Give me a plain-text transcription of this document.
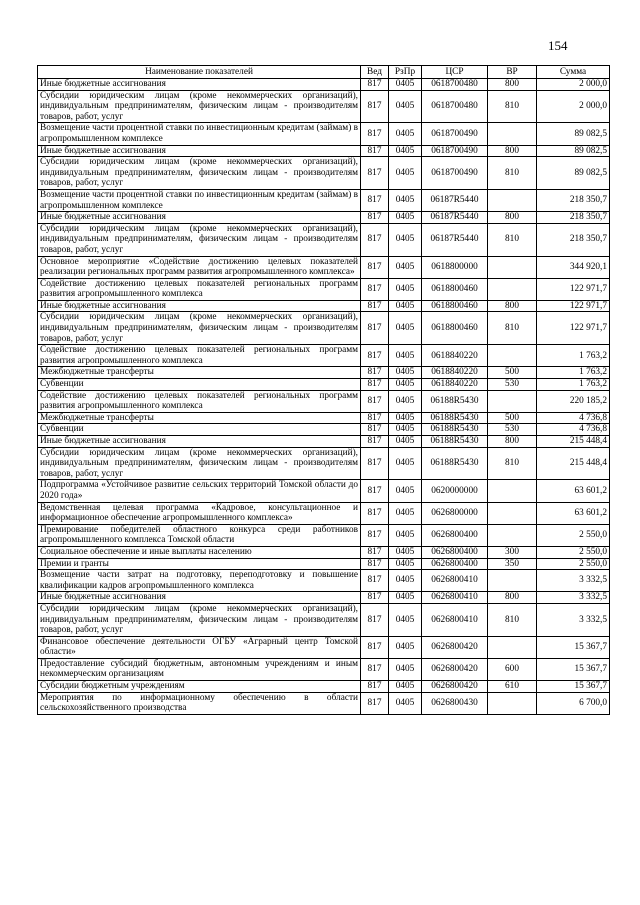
154
Наименование показателей	Вед	РзПр	ЦСР	ВР	Сумма
Иные бюджетные ассигнования	817	0405	0618700480	800	2 000,0
Субсидии юридическим лицам (кроме некоммерческих организаций), индивидуальным предпринимателям, физическим лицам - производителям товаров, работ, услуг	817	0405	0618700480	810	2 000,0
Возмещение части процентной ставки по инвестиционным кредитам (займам) в агропромышленном комплексе	817	0405	0618700490		89 082,5
Иные бюджетные ассигнования	817	0405	0618700490	800	89 082,5
Субсидии юридическим лицам (кроме некоммерческих организаций), индивидуальным предпринимателям, физическим лицам - производителям товаров, работ, услуг	817	0405	0618700490	810	89 082,5
Возмещение части процентной ставки по инвестиционным кредитам (займам) в агропромышленном комплексе	817	0405	06187R5440		218 350,7
Иные бюджетные ассигнования	817	0405	06187R5440	800	218 350,7
Субсидии юридическим лицам (кроме некоммерческих организаций), индивидуальным предпринимателям, физическим лицам - производителям товаров, работ, услуг	817	0405	06187R5440	810	218 350,7
Основное мероприятие «Содействие достижению целевых показателей реализации региональных программ развития агропромышленного комплекса»	817	0405	0618800000		344 920,1
Содействие достижению целевых показателей региональных программ развития агропромышленного комплекса	817	0405	0618800460		122 971,7
Иные бюджетные ассигнования	817	0405	0618800460	800	122 971,7
Субсидии юридическим лицам (кроме некоммерческих организаций), индивидуальным предпринимателям, физическим лицам - производителям товаров, работ, услуг	817	0405	0618800460	810	122 971,7
Содействие достижению целевых показателей региональных программ развития агропромышленного комплекса	817	0405	0618840220		1 763,2
Межбюджетные трансферты	817	0405	0618840220	500	1 763,2
Субвенции	817	0405	0618840220	530	1 763,2
Содействие достижению целевых показателей региональных программ развития агропромышленного комплекса	817	0405	06188R5430		220 185,2
Межбюджетные трансферты	817	0405	06188R5430	500	4 736,8
Субвенции	817	0405	06188R5430	530	4 736,8
Иные бюджетные ассигнования	817	0405	06188R5430	800	215 448,4
Субсидии юридическим лицам (кроме некоммерческих организаций), индивидуальным предпринимателям, физическим лицам - производителям товаров, работ, услуг	817	0405	06188R5430	810	215 448,4
Подпрограмма «Устойчивое развитие сельских территорий Томской области до 2020 года»	817	0405	0620000000		63 601,2
Ведомственная целевая программа «Кадровое, консультационное и информационное обеспечение агропромышленного комплекса»	817	0405	0626800000		63 601,2
Премирование победителей областного конкурса среди работников агропромышленного комплекса Томской области	817	0405	0626800400		2 550,0
Социальное обеспечение и иные выплаты населению	817	0405	0626800400	300	2 550,0
Премии и гранты	817	0405	0626800400	350	2 550,0
Возмещение части затрат на подготовку, переподготовку и повышение квалификации кадров агропромышленного комплекса	817	0405	0626800410		3 332,5
Иные бюджетные ассигнования	817	0405	0626800410	800	3 332,5
Субсидии юридическим лицам (кроме некоммерческих организаций), индивидуальным предпринимателям, физическим лицам - производителям товаров, работ, услуг	817	0405	0626800410	810	3 332,5
Финансовое обеспечение деятельности ОГБУ «Аграрный центр Томской области»	817	0405	0626800420		15 367,7
Предоставление субсидий бюджетным, автономным учреждениям и иным некоммерческим организациям	817	0405	0626800420	600	15 367,7
Субсидии бюджетным учреждениям	817	0405	0626800420	610	15 367,7
Мероприятия по информационному обеспечению в области сельскохозяйственного производства	817	0405	0626800430		6 700,0
